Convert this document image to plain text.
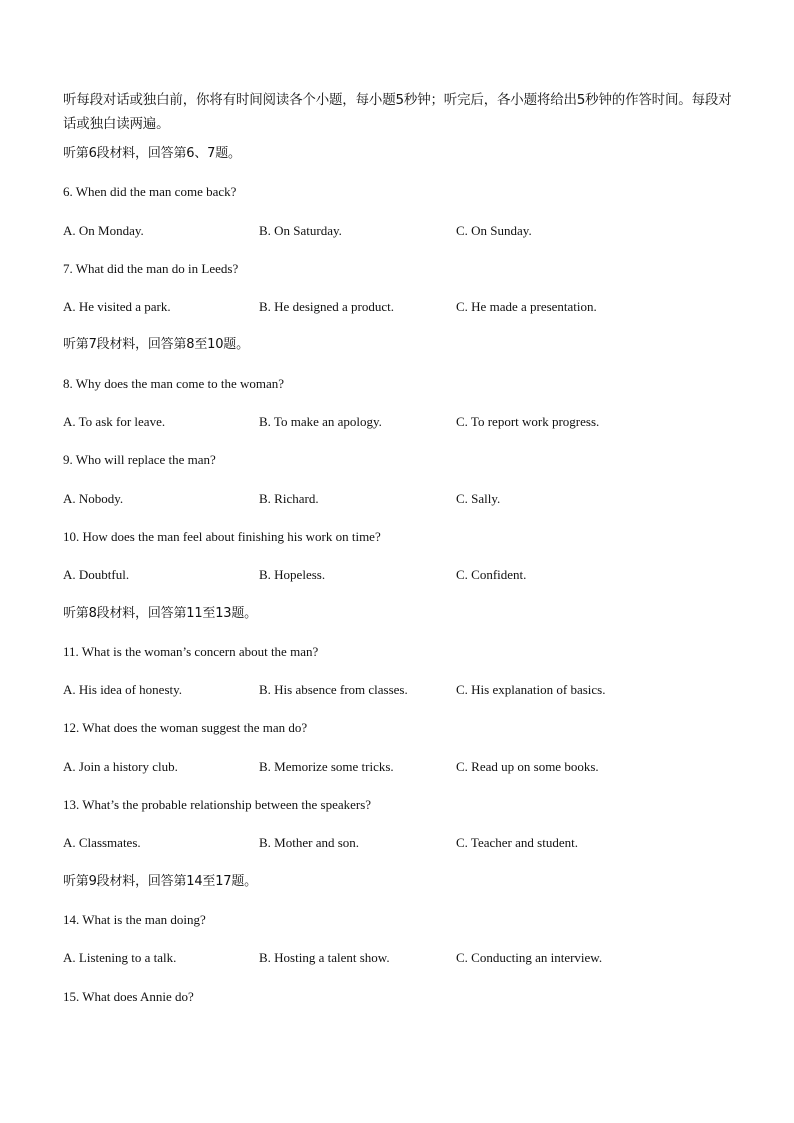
听每段对话或独白前，你将有时间阅读各个小题，每小题5秒钟；听完后，各小题将给出5秒钟的作答时间。每段对话或独白读两遍。

听第6段材料，回答第6、7题。
6. When did the man come back?
A. On Monday.	B. On Saturday.	C. On Sunday.
7. What did the man do in Leeds?
A. He visited a park.	B. He designed a product.	C. He made a presentation.
听第7段材料，回答第8至10题。
8. Why does the man come to the woman?
A. To ask for leave.	B. To make an apology.	C. To report work progress.
9. Who will replace the man?
A. Nobody.	B. Richard.	C. Sally.
10. How does the man feel about finishing his work on time?
A. Doubtful.	B. Hopeless.	C. Confident.
听第8段材料，回答第11至13题。
11. What is the woman’s concern about the man?
A. His idea of honesty.	B. His absence from classes.	C. His explanation of basics.
12. What does the woman suggest the man do?
A. Join a history club.	B. Memorize some tricks.	C. Read up on some books.
13. What’s the probable relationship between the speakers?
A. Classmates.	B. Mother and son.	C. Teacher and student.
听第9段材料，回答第14至17题。
14. What is the man doing?
A. Listening to a talk.	B. Hosting a talent show.	C. Conducting an interview.
15. What does Annie do?
